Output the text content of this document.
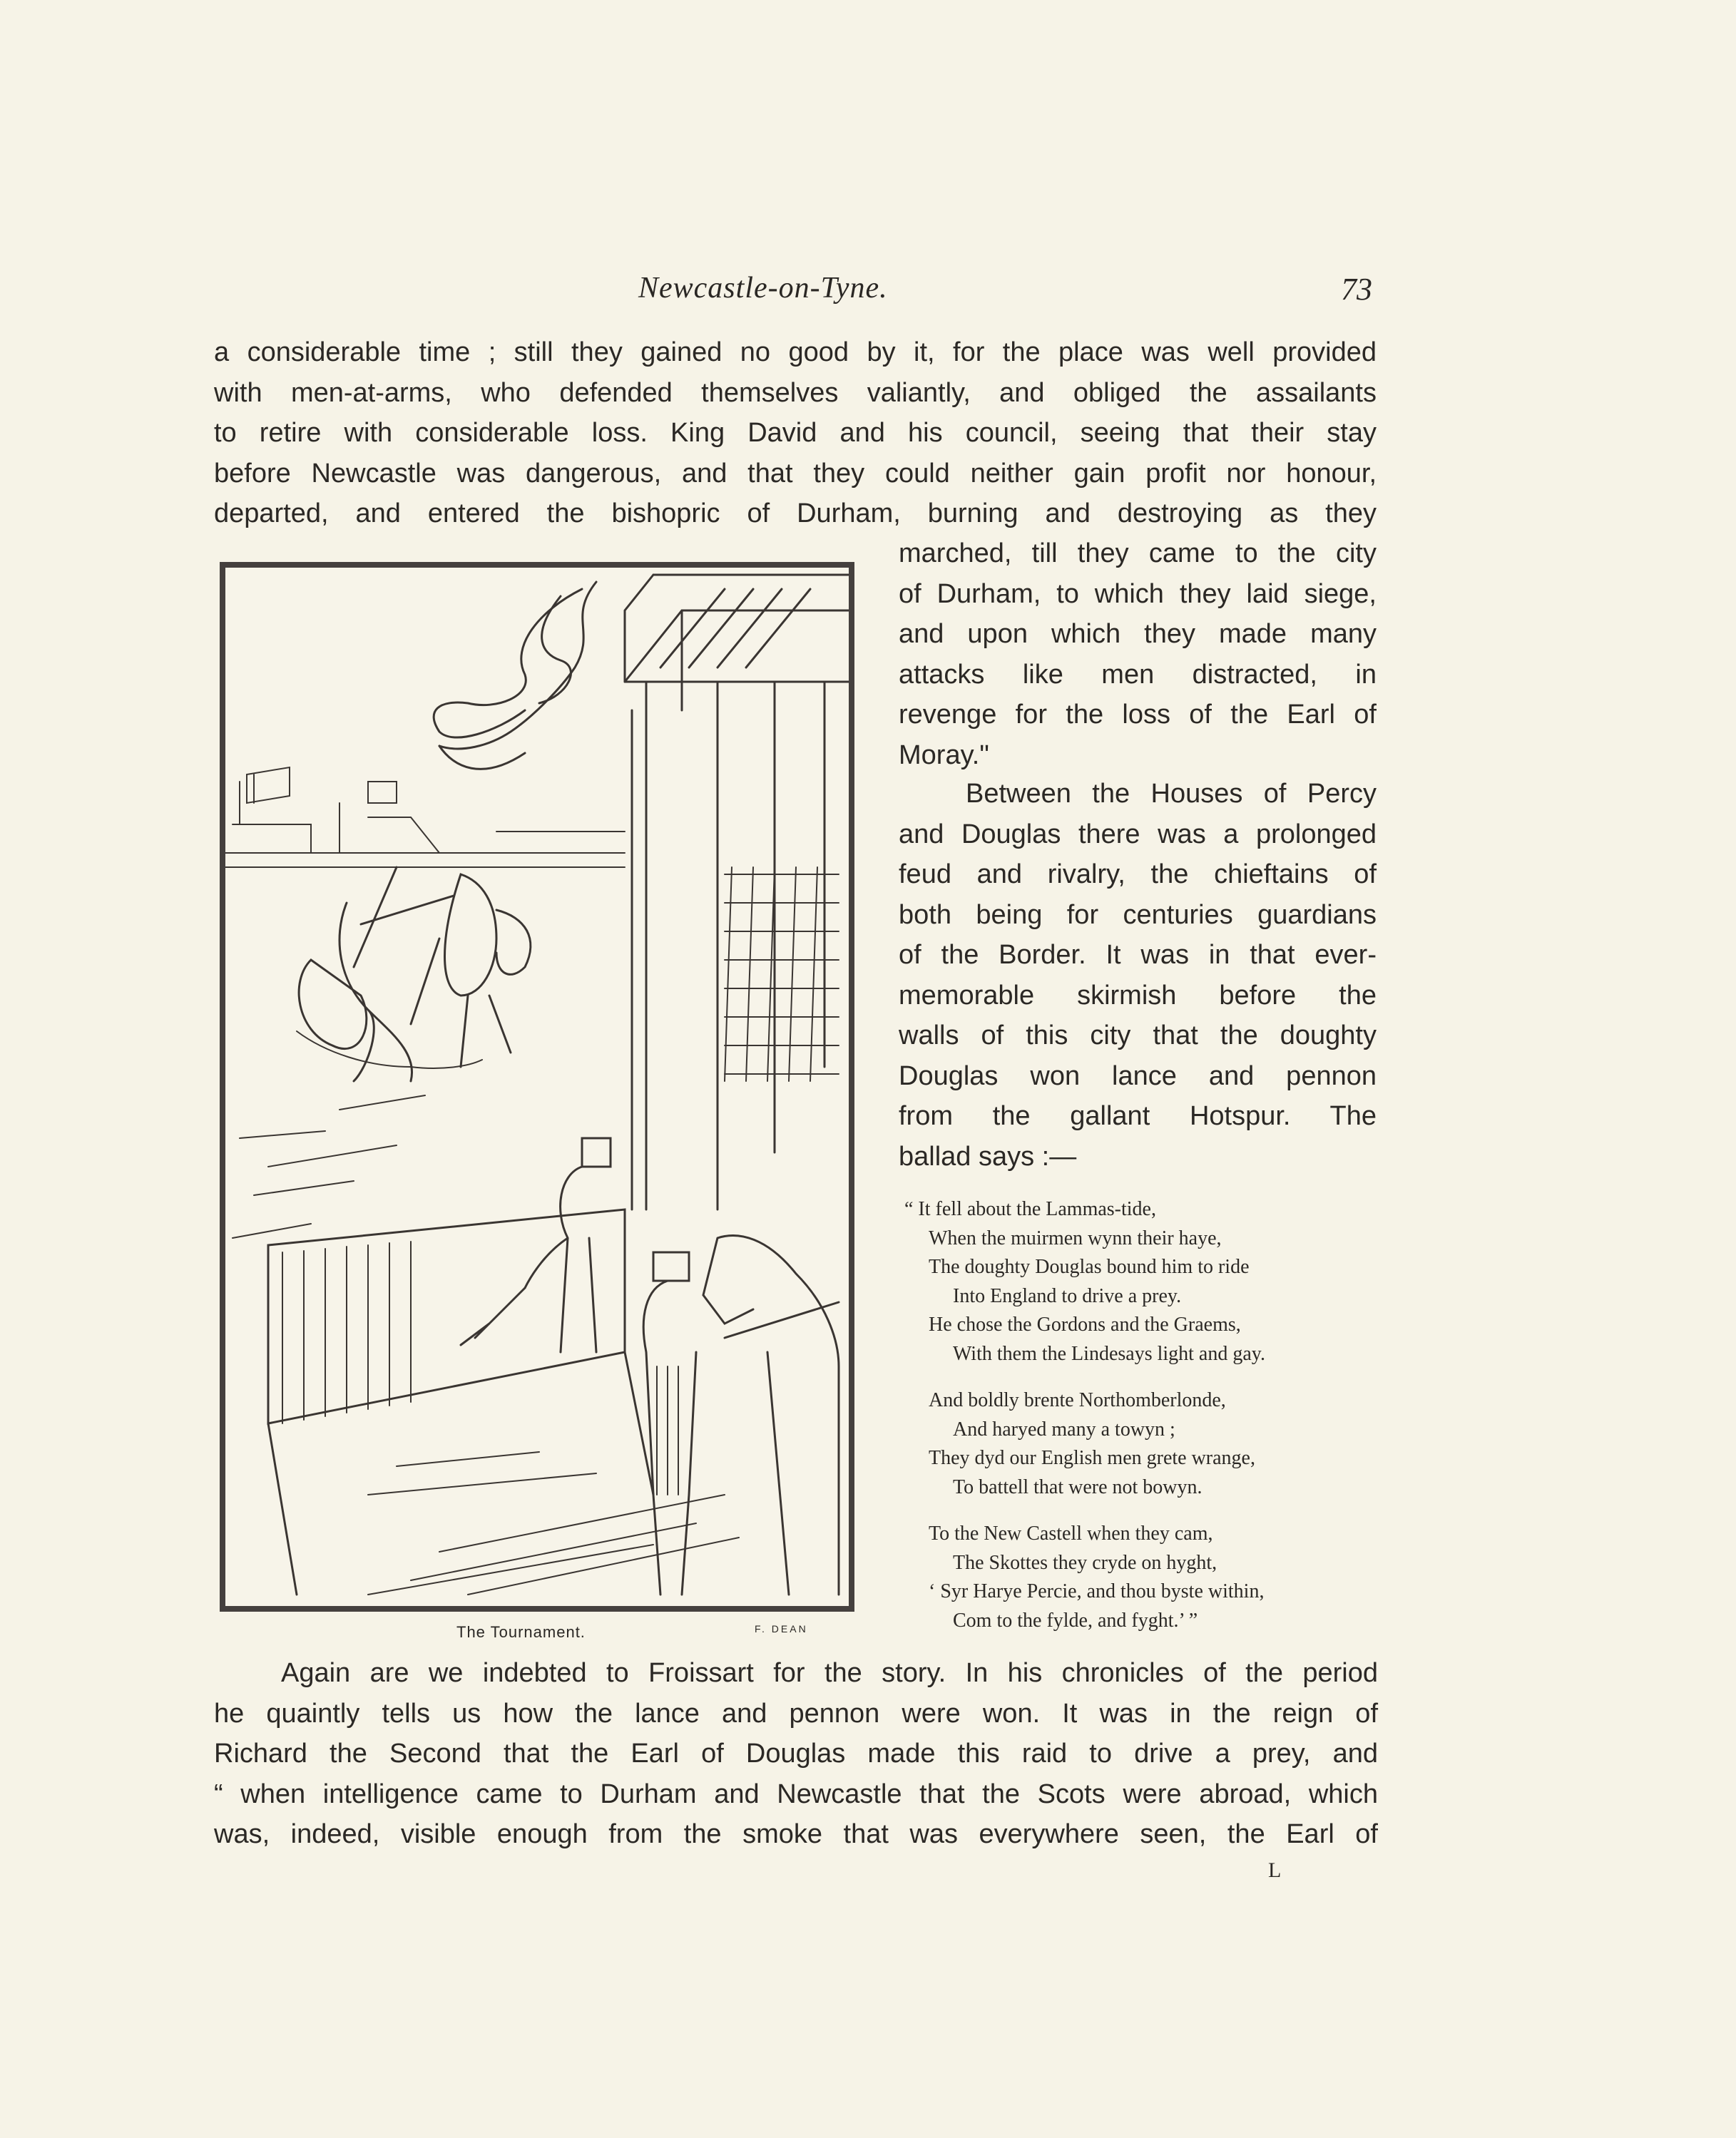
Newcastle-on-Tyne.	73
a considerable time ; still they gained no good by it, for the place was well provided
with men-at-arms, who defended themselves valiantly, and obliged the assailants
to retire with considerable loss. King David and his council, seeing that their stay
before Newcastle was dangerous, and that they could neither gain profit nor honour,
departed, and entered the bishopric of Durham, burning and destroying as they
marched, till they came to the city
of Durham, to which they laid siege,
and upon which they made many
attacks like men distracted, in
revenge for the loss of the Earl of
Moray."
Between the Houses of Percy
and Douglas there was a prolonged
feud and rivalry, the chieftains of
both being for centuries guardians
of the Border. It was in that ever-
memorable skirmish before the
walls of this city that the doughty
Douglas won lance and pennon
from the gallant Hotspur. The
ballad says :—
The Tournament.	F. DEAN
“ It fell about the Lammas-tide,
When the muirmen wynn their haye,
The doughty Douglas bound him to ride
Into England to drive a prey.
He chose the Gordons and the Graems,
With them the Lindesays light and gay.
And boldly brente Northomberlonde,
And haryed many a towyn ;
They dyd our English men grete wrange,
To battell that were not bowyn.
To the New Castell when they cam,
The Skottes they cryde on hyght,
‘ Syr Harye Percie, and thou byste within,
Com to the fylde, and fyght.’ ”
Again are we indebted to Froissart for the story. In his chronicles of the period
he quaintly tells us how the lance and pennon were won. It was in the reign of
Richard the Second that the Earl of Douglas made this raid to drive a prey, and
“ when intelligence came to Durham and Newcastle that the Scots were abroad, which
was, indeed, visible enough from the smoke that was everywhere seen, the Earl of
L
